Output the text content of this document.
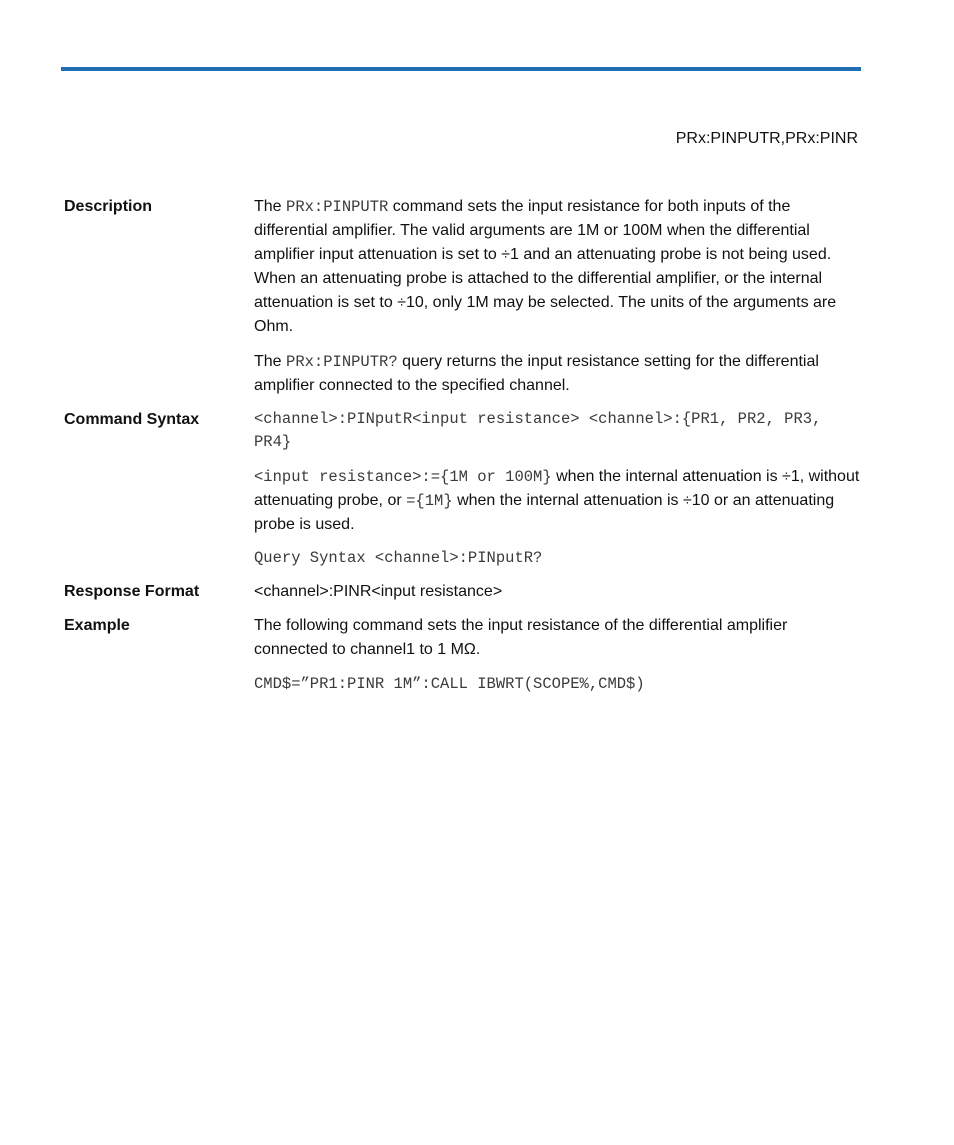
PRx:PINPUTR,PRx:PINR
Description	The PRx:PINPUTR command sets the input resistance for both inputs of the differential amplifier. The valid arguments are 1M or 100M when the differential amplifier input attenuation is set to ÷1 and an attenuating probe is not being used. When an attenuating probe is attached to the differential amplifier, or the internal attenuation is set to ÷10, only 1M may be selected. The units of the arguments are Ohm.

The PRx:PINPUTR? query returns the input resistance setting for the differential amplifier connected to the specified channel.

Command Syntax	<channel>:PINputR<input resistance> <channel>:{PR1, PR2, PR3, PR4}

<input resistance>:={1M or 100M} when the internal attenuation is ÷1, without attenuating probe, or ={1M} when the internal attenuation is ÷10 or an attenuating probe is used.

Query Syntax <channel>:PINputR?
Response Format	<channel>:PINR<input resistance>
Example	The following command sets the input resistance of the differential amplifier connected to channel1 to 1 MΩ.

CMD$=”PR1:PINR 1M”:CALL IBWRT(SCOPE%,CMD$)
